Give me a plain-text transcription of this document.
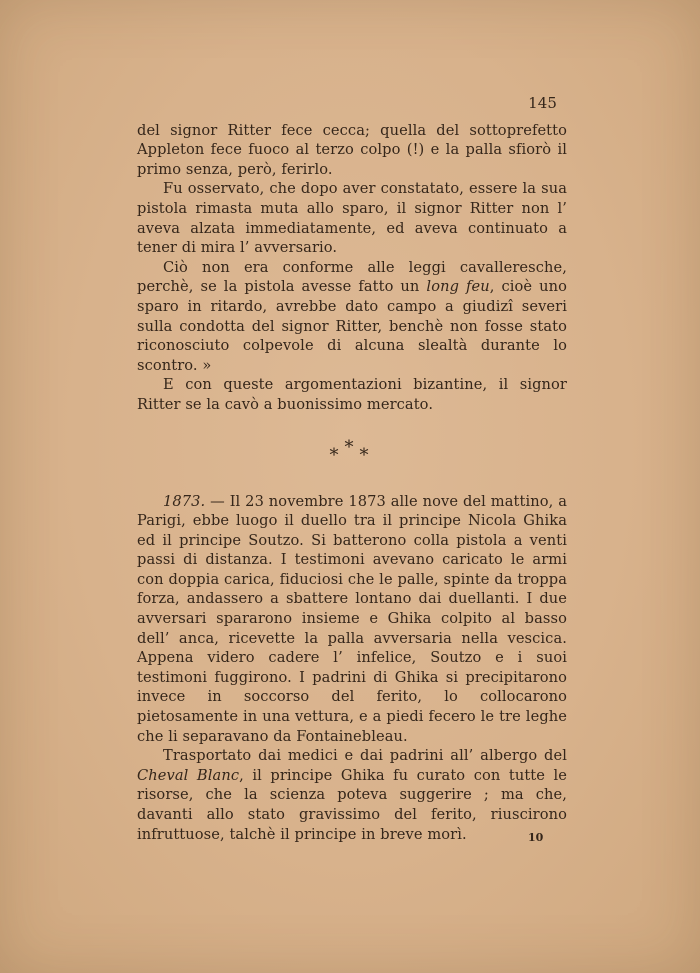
145

del signor Ritter fece cecca; quella del sottoprefetto Appleton fece fuoco al terzo colpo (!) e la palla sfiorò il primo senza, però, ferirlo.

Fu osservato, che dopo aver constatato, essere la sua pistola rimasta muta allo sparo, il signor Ritter non l’ aveva alzata immediatamente, ed aveva continuato a tener di mira l’ avversario.

Ciò non era conforme alle leggi cavalleresche, perchè, se la pistola avesse fatto un long feu, cioè uno sparo in ritardo, avrebbe dato campo a giudizî severi sulla condotta del signor Ritter, benchè non fosse stato riconosciuto colpevole di alcuna slealtà durante lo scontro. »

E con queste argomentazioni bizantine, il signor Ritter se la cavò a buonissimo mercato.

***

1873. — Il 23 novembre 1873 alle nove del mattino, a Parigi, ebbe luogo il duello tra il principe Nicola Ghika ed il principe Soutzo. Si batterono colla pistola a venti passi di distanza. I testimoni avevano caricato le armi con doppia carica, fiduciosi che le palle, spinte da troppa forza, andassero a sbattere lontano dai duellanti. I due avversari spararono insieme e Ghika colpito al basso dell’ anca, ricevette la palla avversaria nella vescica. Appena videro cadere l’ infelice, Soutzo e i suoi testimoni fuggirono. I padrini di Ghika si precipitarono invece in soccorso del ferito, lo collocarono pietosamente in una vettura, e a piedi fecero le tre leghe che li separavano da Fontainebleau.

Trasportato dai medici e dai padrini all’ albergo del Cheval Blanc, il principe Ghika fu curato con tutte le risorse, che la scienza poteva suggerire ; ma che, davanti allo stato gravissimo del ferito, riuscirono infruttuose, talchè il principe in breve morì.	10
